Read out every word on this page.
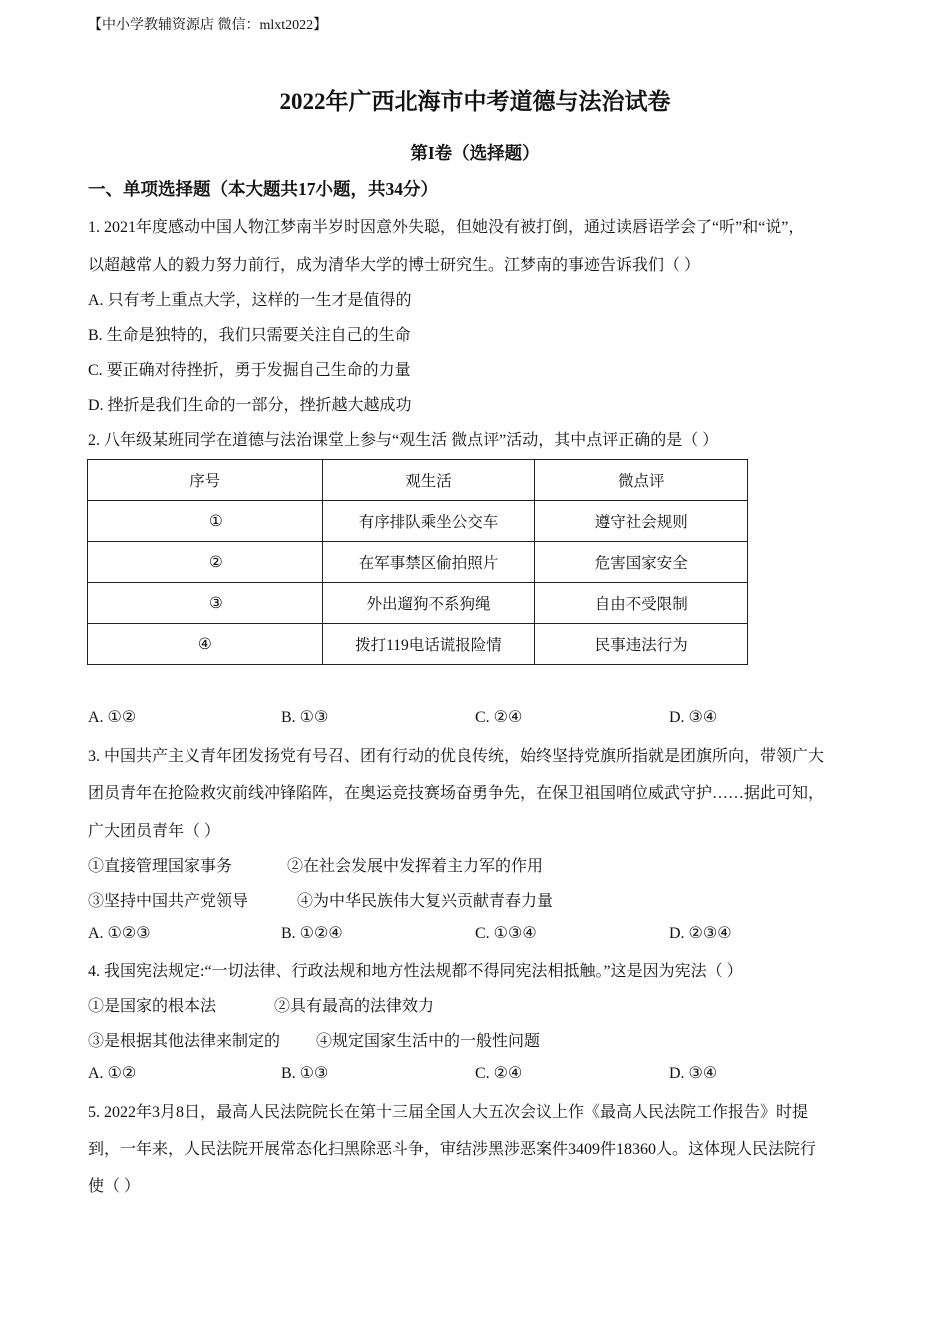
【中小学教辅资源店 微信：mlxt2022】
2022年广西北海市中考道德与法治试卷
第I卷（选择题）
一、单项选择题（本大题共17小题，共34分）
1. 2021年度感动中国人物江梦南半岁时因意外失聪，但她没有被打倒，通过读唇语学会了“听”和“说”，
以超越常人的毅力努力前行，成为清华大学的博士研究生。江梦南的事迹告诉我们（ ）
A. 只有考上重点大学，这样的一生才是值得的
B. 生命是独特的，我们只需要关注自己的生命
C. 要正确对待挫折，勇于发掘自己生命的力量
D. 挫折是我们生命的一部分，挫折越大越成功
2. 八年级某班同学在道德与法治课堂上参与“观生活 微点评”活动，其中点评正确的是（ ）
序号	观生活	微点评
①	有序排队乘坐公交车	遵守社会规则
②	在军事禁区偷拍照片	危害国家安全
③	外出遛狗不系狗绳	自由不受限制
④	拨打119电话谎报险情	民事违法行为
A. ①②	B. ①③	C. ②④	D. ③④
3. 中国共产主义青年团发扬党有号召、团有行动的优良传统，始终坚持党旗所指就是团旗所向，带领广大
团员青年在抢险救灾前线冲锋陷阵，在奥运竞技赛场奋勇争先，在保卫祖国哨位威武守护……据此可知，
广大团员青年（ ）
①直接管理国家事务	②在社会发展中发挥着主力军的作用
③坚持中国共产党领导	④为中华民族伟大复兴贡献青春力量
A. ①②③	B. ①②④	C. ①③④	D. ②③④
4. 我国宪法规定:“一切法律、行政法规和地方性法规都不得同宪法相抵触。”这是因为宪法（ ）
①是国家的根本法	②具有最高的法律效力
③是根据其他法律来制定的 ④规定国家生活中的一般性问题
A. ①②	B. ①③	C. ②④	D. ③④
5. 2022年3月8日，最高人民法院院长在第十三届全国人大五次会议上作《最高人民法院工作报告》时提
到，一年来，人民法院开展常态化扫黑除恶斗争，审结涉黑涉恶案件3409件18360人。这体现人民法院行
使（ ）
